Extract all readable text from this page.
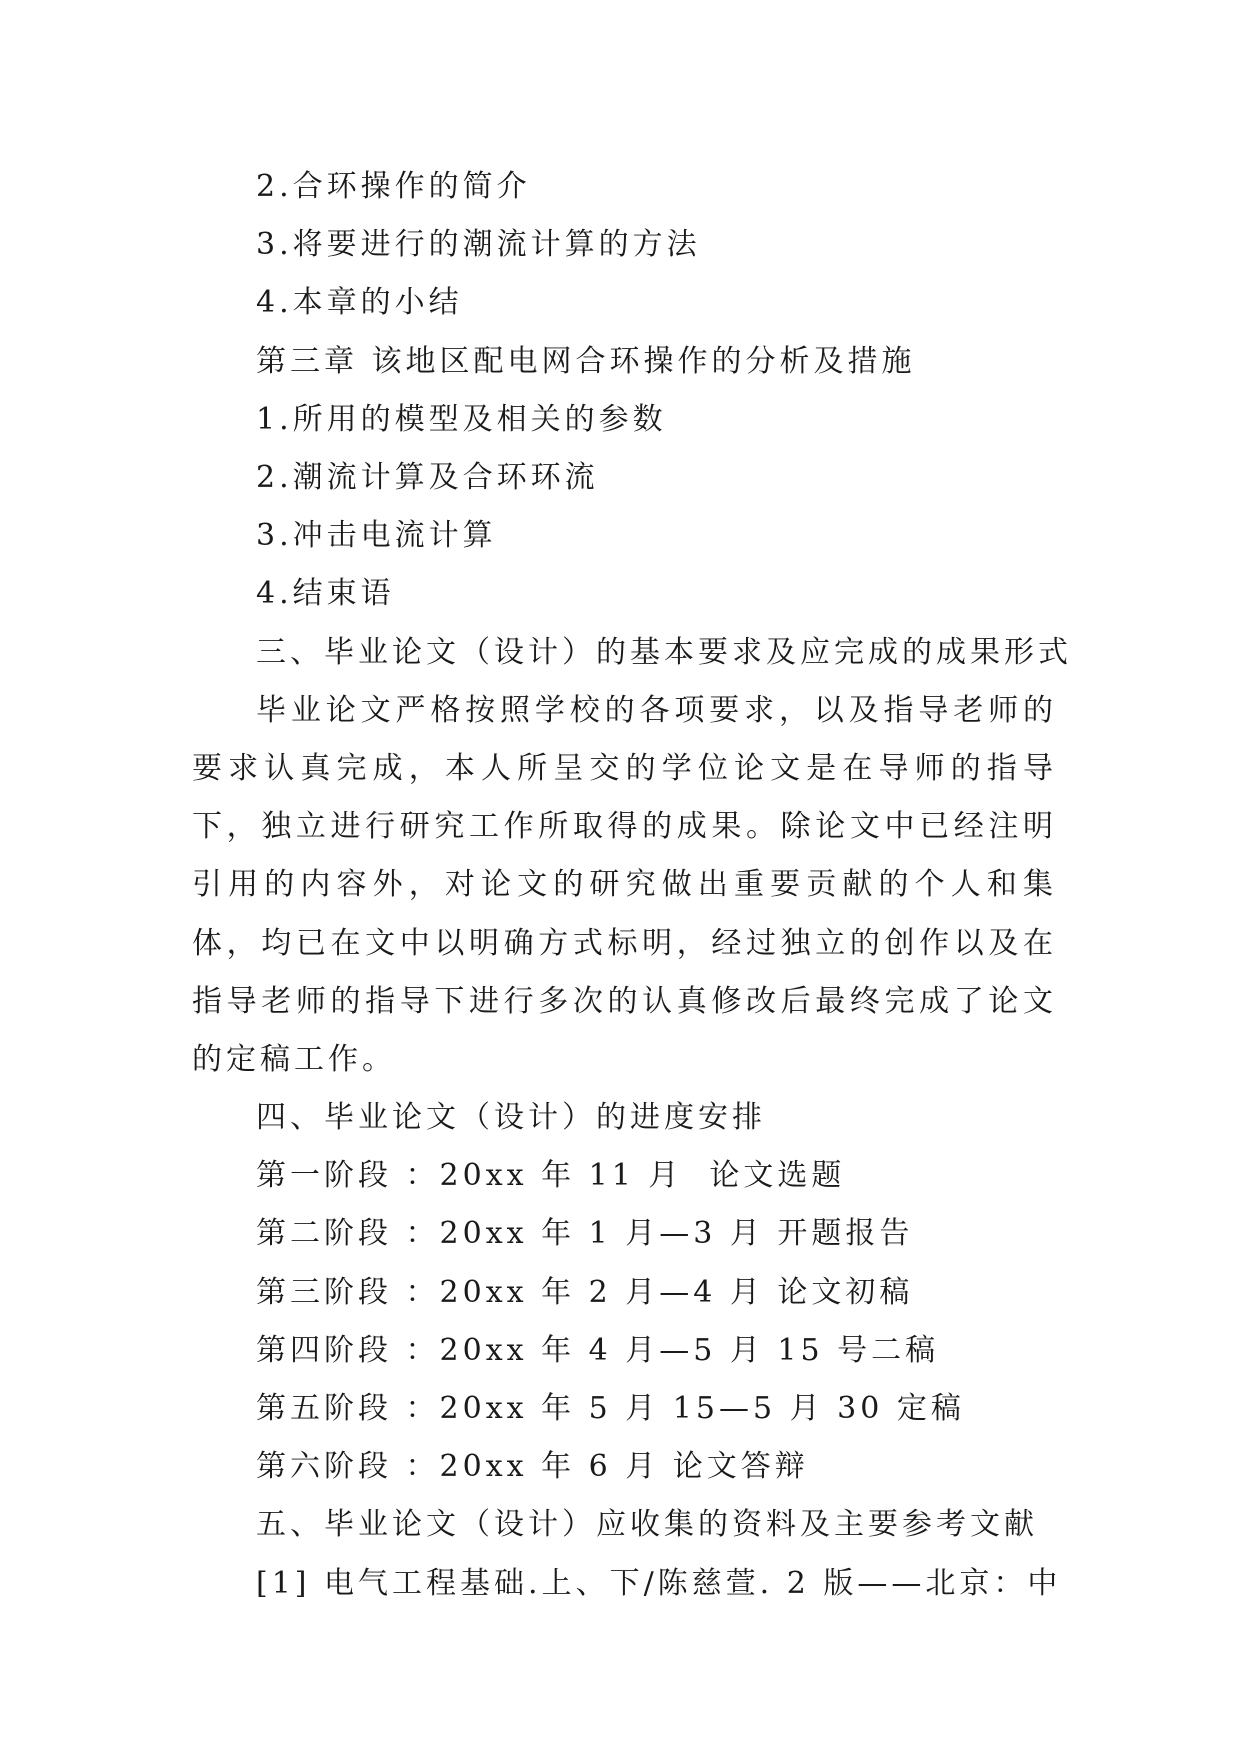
2.合环操作的简介
3.将要进行的潮流计算的方法
4.本章的小结
第三章 该地区配电网合环操作的分析及措施
1.所用的模型及相关的参数
2.潮流计算及合环环流
3.冲击电流计算
4.结束语
三、毕业论文（设计）的基本要求及应完成的成果形式

毕业论文严格按照学校的各项要求，以及指导老师的要求认真完成，本人所呈交的学位论文是在导师的指导下，独立进行研究工作所取得的成果。除论文中已经注明引用的内容外，对论文的研究做出重要贡献的个人和集体，均已在文中以明确方式标明，经过独立的创作以及在指导老师的指导下进行多次的认真修改后最终完成了论文的定稿工作。

四、毕业论文（设计）的进度安排
第一阶段 ：20xx 年 11 月  论文选题
第二阶段 ：20xx 年 1 月—3 月 开题报告
第三阶段 ：20xx 年 2 月—4 月 论文初稿
第四阶段 ：20xx 年 4 月—5 月 15 号二稿
第五阶段 ：20xx 年 5 月 15—5 月 30 定稿
第六阶段 ：20xx 年 6 月 论文答辩
五、毕业论文（设计）应收集的资料及主要参考文献
[1] 电气工程基础.上、下/陈慈萱. 2 版——北京：中
